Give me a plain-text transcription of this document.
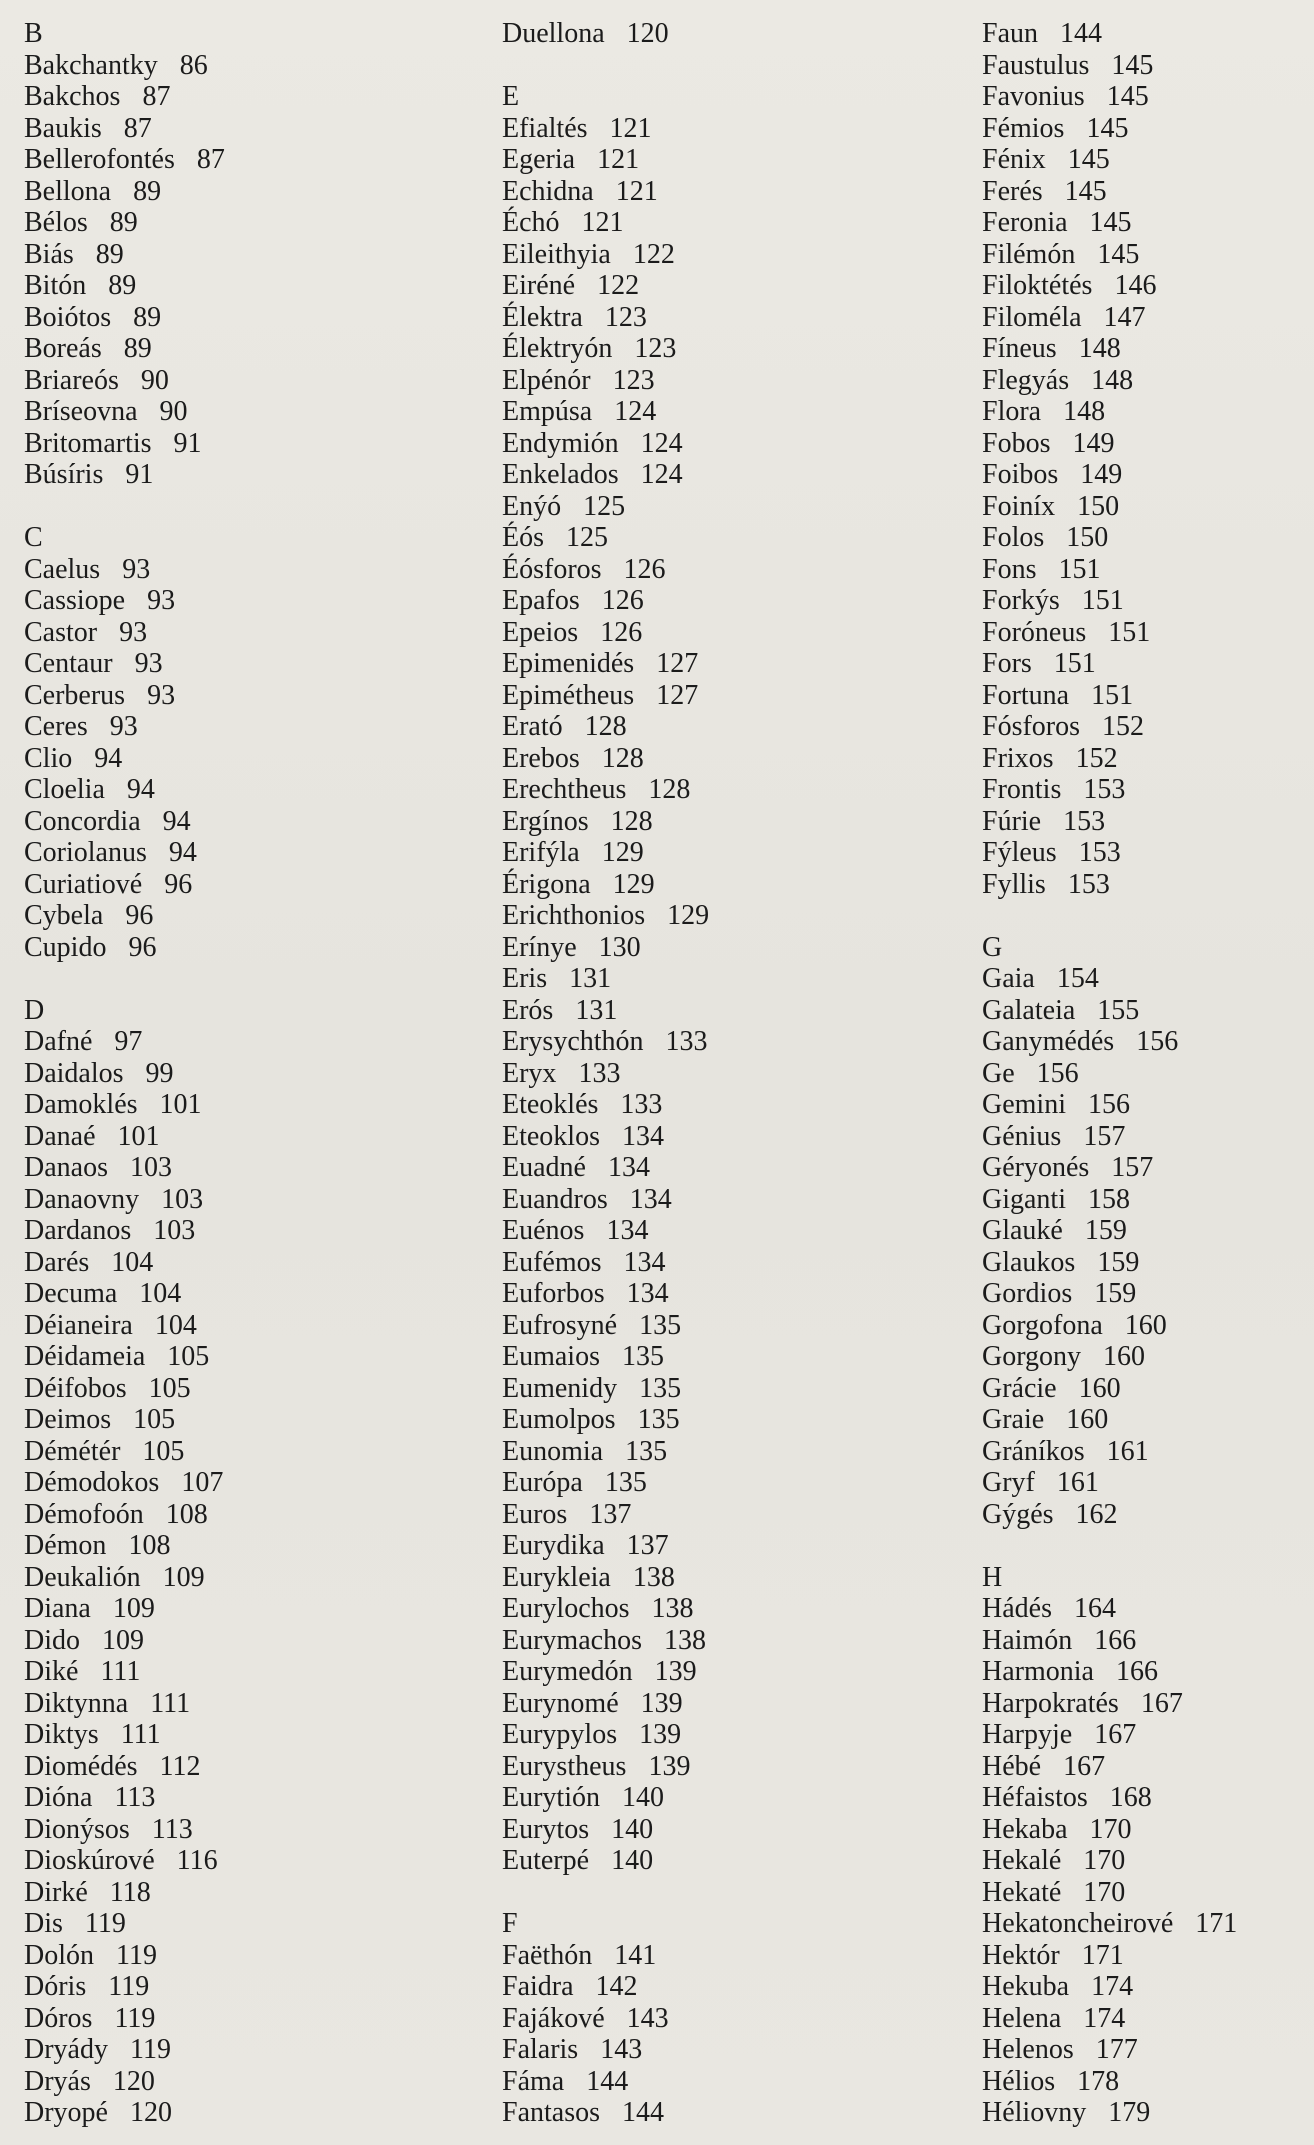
B
Bakchantky 86
Bakchos 87
Baukis 87
Bellerofontés 87
Bellona 89
Bélos 89
Biás 89
Bitón 89
Boiótos 89
Boreás 89
Briareós 90
Bríseovna 90
Britomartis 91
Búsíris 91
C
Caelus 93
Cassiope 93
Castor 93
Centaur 93
Cerberus 93
Ceres 93
Clio 94
Cloelia 94
Concordia 94
Coriolanus 94
Curiatiové 96
Cybela 96
Cupido 96
D
Dafné 97
Daidalos 99
Damoklés 101
Danaé 101
Danaos 103
Danaovny 103
Dardanos 103
Darés 104
Decuma 104
Déianeira 104
Déidameia 105
Déifobos 105
Deimos 105
Démétér 105
Démodokos 107
Démofoón 108
Démon 108
Deukalión 109
Diana 109
Dido 109
Diké 111
Diktynna 111
Diktys 111
Diomédés 112
Dióna 113
Dionýsos 113
Dioskúrové 116
Dirké 118
Dis 119
Dolón 119
Dóris 119
Dóros 119
Dryády 119
Dryás 120
Dryopé 120
Duellona 120
E
Efialtés 121
Egeria 121
Echidna 121
Échó 121
Eileithyia 122
Eiréné 122
Élektra 123
Élektryón 123
Elpénór 123
Empúsa 124
Endymión 124
Enkelados 124
Enýó 125
Éós 125
Éósforos 126
Epafos 126
Epeios 126
Epimenidés 127
Epimétheus 127
Erató 128
Erebos 128
Erechtheus 128
Ergínos 128
Erifýla 129
Érigona 129
Erichthonios 129
Erínye 130
Eris 131
Erós 131
Erysychthón 133
Eryx 133
Eteoklés 133
Eteoklos 134
Euadné 134
Euandros 134
Euénos 134
Eufémos 134
Euforbos 134
Eufrosyné 135
Eumaios 135
Eumenidy 135
Eumolpos 135
Eunomia 135
Európa 135
Euros 137
Eurydika 137
Eurykleia 138
Eurylochos 138
Eurymachos 138
Eurymedón 139
Eurynomé 139
Eurypylos 139
Eurystheus 139
Eurytión 140
Eurytos 140
Euterpé 140
F
Faëthón 141
Faidra 142
Fajákové 143
Falaris 143
Fáma 144
Fantasos 144
Faun 144
Faustulus 145
Favonius 145
Fémios 145
Fénix 145
Ferés 145
Feronia 145
Filémón 145
Filoktétés 146
Filoméla 147
Fíneus 148
Flegyás 148
Flora 148
Fobos 149
Foibos 149
Foiníx 150
Folos 150
Fons 151
Forkýs 151
Foróneus 151
Fors 151
Fortuna 151
Fósforos 152
Frixos 152
Frontis 153
Fúrie 153
Fýleus 153
Fyllis 153
G
Gaia 154
Galateia 155
Ganymédés 156
Ge 156
Gemini 156
Génius 157
Géryonés 157
Giganti 158
Glauké 159
Glaukos 159
Gordios 159
Gorgofona 160
Gorgony 160
Grácie 160
Graie 160
Gráníkos 161
Gryf 161
Gýgés 162
H
Hádés 164
Haimón 166
Harmonia 166
Harpokratés 167
Harpyje 167
Hébé 167
Héfaistos 168
Hekaba 170
Hekalé 170
Hekaté 170
Hekatoncheirové 171
Hektór 171
Hekuba 174
Helena 174
Helenos 177
Hélios 178
Héliovny 179
